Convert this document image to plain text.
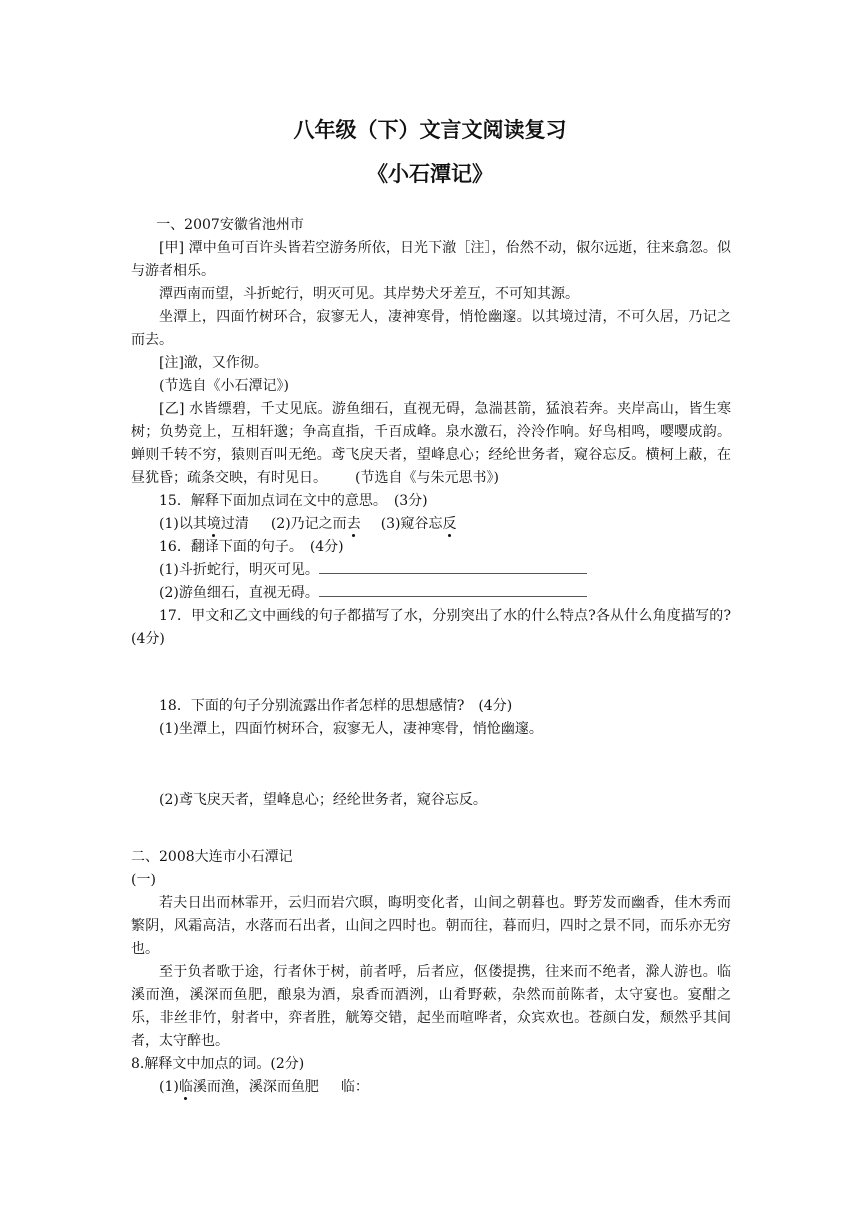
八年级（下）文言文阅读复习
《小石潭记》

一、2007安徽省池州市

[甲] 潭中鱼可百许头皆若空游务所依，日光下澈［注］，佁然不动，俶尔远逝，往来翕忽。似与游者相乐。

潭西南而望，斗折蛇行，明灭可见。其岸势犬牙差互，不可知其源。

坐潭上，四面竹树环合，寂寥无人，凄神寒骨，悄怆幽邃。以其境过清，不可久居，乃记之而去。

[注]澈，又作彻。

(节选自《小石潭记》)

[乙] 水皆缥碧，千丈见底。游鱼细石，直视无碍，急湍甚箭，猛浪若奔。夹岸高山，皆生寒树；负势竞上，互相轩邈；争高直指，千百成峰。泉水激石，泠泠作响。好鸟相鸣，嘤嘤成韵。蝉则千转不穷，猿则百叫无绝。鸢飞戾天者，望峰息心；经纶世务者，窥谷忘反。横柯上蔽，在昼犹昏；疏条交映，有时见日。 (节选自《与朱元思书》)

15．解释下面加点词在文中的意思。　(3分)

(1)以其境过清 (2)乃记之而去 (3)窥谷忘反

16．翻译下面的句子。　(4分)

(1)斗折蛇行，明灭可见。

(2)游鱼细石，直视无碍。

17．甲文和乙文中画线的句子都描写了水，分别突出了水的什么特点?各从什么角度描写的?(4分)

18．下面的句子分别流露出作者怎样的思想感情?　(4分)

(1)坐潭上，四面竹树环合，寂寥无人，凄神寒骨，悄怆幽邃。

(2)鸢飞戾天者，望峰息心；经纶世务者，窥谷忘反。

二、2008大连市小石潭记

(一)

若夫日出而林霏开，云归而岩穴暝，晦明变化者，山间之朝暮也。野芳发而幽香，佳木秀而繁阴，风霜高洁，水落而石出者，山间之四时也。朝而往，暮而归，四时之景不同，而乐亦无穷也。

至于负者歌于途，行者休于树，前者呼，后者应，伛偻提携，往来而不绝者，滁人游也。临溪而渔，溪深而鱼肥，酿泉为酒，泉香而酒洌，山肴野蔌，杂然而前陈者，太守宴也。宴酣之乐，非丝非竹，射者中，弈者胜，觥筹交错，起坐而喧哗者，众宾欢也。苍颜白发，颓然乎其间者，太守醉也。

8.解释文中加点的词。(2分)

(1)临溪而渔，溪深而鱼肥 临：
